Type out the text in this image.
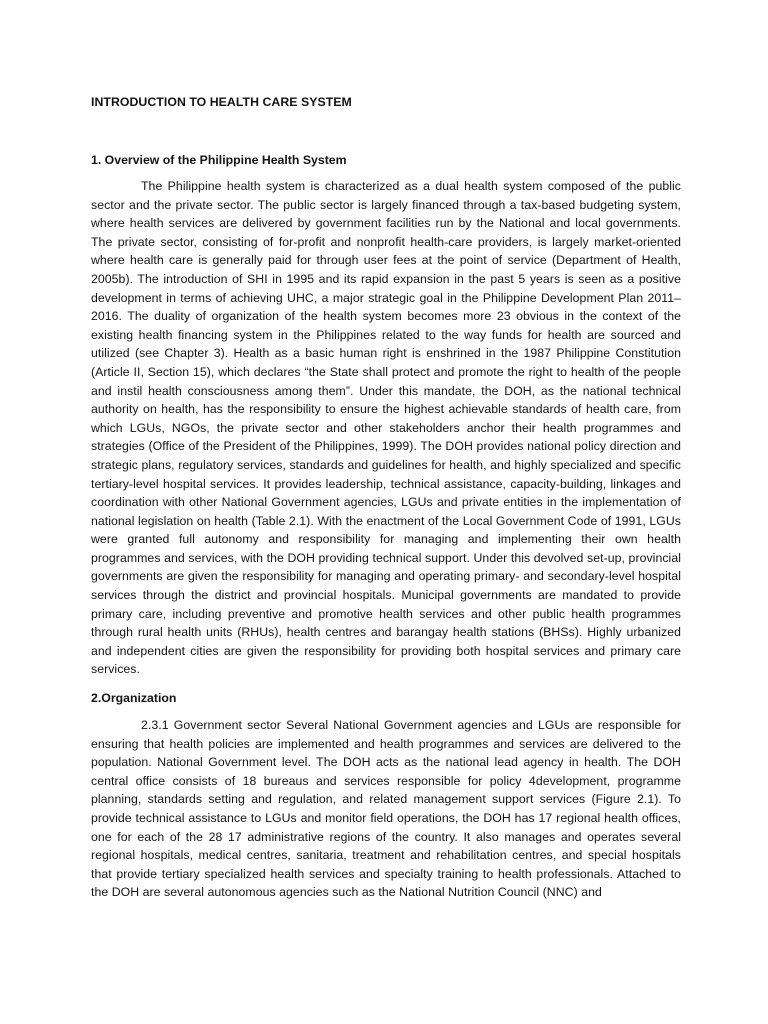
INTRODUCTION TO HEALTH CARE SYSTEM
1. Overview of the Philippine Health System

The Philippine health system is characterized as a dual health system composed of the public sector and the private sector. The public sector is largely financed through a tax-based budgeting system, where health services are delivered by government facilities run by the National and local governments. The private sector, consisting of for-profit and nonprofit health-care providers, is largely market-oriented where health care is generally paid for through user fees at the point of service (Department of Health, 2005b). The introduction of SHI in 1995 and its rapid expansion in the past 5 years is seen as a positive development in terms of achieving UHC, a major strategic goal in the Philippine Development Plan 2011– 2016. The duality of organization of the health system becomes more 23 obvious in the context of the existing health financing system in the Philippines related to the way funds for health are sourced and utilized (see Chapter 3). Health as a basic human right is enshrined in the 1987 Philippine Constitution (Article II, Section 15), which declares “the State shall protect and promote the right to health of the people and instil health consciousness among them”. Under this mandate, the DOH, as the national technical authority on health, has the responsibility to ensure the highest achievable standards of health care, from which LGUs, NGOs, the private sector and other stakeholders anchor their health programmes and strategies (Office of the President of the Philippines, 1999). The DOH provides national policy direction and strategic plans, regulatory services, standards and guidelines for health, and highly specialized and specific tertiary-level hospital services. It provides leadership, technical assistance, capacity-building, linkages and coordination with other National Government agencies, LGUs and private entities in the implementation of national legislation on health (Table 2.1). With the enactment of the Local Government Code of 1991, LGUs were granted full autonomy and responsibility for managing and implementing their own health programmes and services, with the DOH providing technical support. Under this devolved set-up, provincial governments are given the responsibility for managing and operating primary- and secondary-level hospital services through the district and provincial hospitals. Municipal governments are mandated to provide primary care, including preventive and promotive health services and other public health programmes through rural health units (RHUs), health centres and barangay health stations (BHSs). Highly urbanized and independent cities are given the responsibility for providing both hospital services and primary care services.

2.Organization

2.3.1 Government sector Several National Government agencies and LGUs are responsible for ensuring that health policies are implemented and health programmes and services are delivered to the population. National Government level. The DOH acts as the national lead agency in health. The DOH central office consists of 18 bureaus and services responsible for policy 4development, programme planning, standards setting and regulation, and related management support services (Figure 2.1). To provide technical assistance to LGUs and monitor field operations, the DOH has 17 regional health offices, one for each of the 28 17 administrative regions of the country. It also manages and operates several regional hospitals, medical centres, sanitaria, treatment and rehabilitation centres, and special hospitals that provide tertiary specialized health services and specialty training to health professionals. Attached to the DOH are several autonomous agencies such as the National Nutrition Council (NNC) and
